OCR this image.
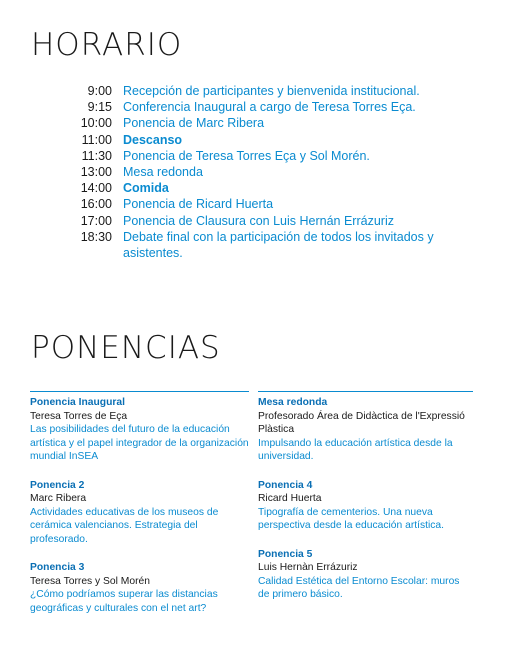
HORARIO
9:00 Recepción de participantes y bienvenida institucional.
9:15 Conferencia Inaugural a cargo de Teresa Torres Eça.
10:00 Ponencia de Marc Ribera
11:00 Descanso
11:30 Ponencia de Teresa Torres Eça y Sol Morén.
13:00 Mesa redonda
14:00 Comida
16:00 Ponencia de Ricard Huerta
17:00 Ponencia de Clausura con Luis Hernán Errázuriz
18:30 Debate final con la participación de todos los invitados y asistentes.
PONENCIAS
Ponencia Inaugural
Teresa Torres de Eça
Las posibilidades del futuro de la educación artística y el papel integrador de la organización mundial InSEA
Ponencia 2
Marc Ribera
Actividades educativas de los museos de cerámica valencianos. Estrategia del profesorado.
Ponencia 3
Teresa Torres y Sol Morén
¿Cómo podríamos superar las distancias geográficas y culturales con el net art?
Mesa redonda
Profesorado Área de Didàctica de l'Expressió Plàstica
Impulsando la educación artística desde la universidad.
Ponencia 4
Ricard Huerta
Tipografía de cementerios. Una nueva perspectiva desde la educación artística.
Ponencia 5
Luis Hernàn Errázuriz
Calidad Estética del Entorno Escolar: muros de primero básico.
